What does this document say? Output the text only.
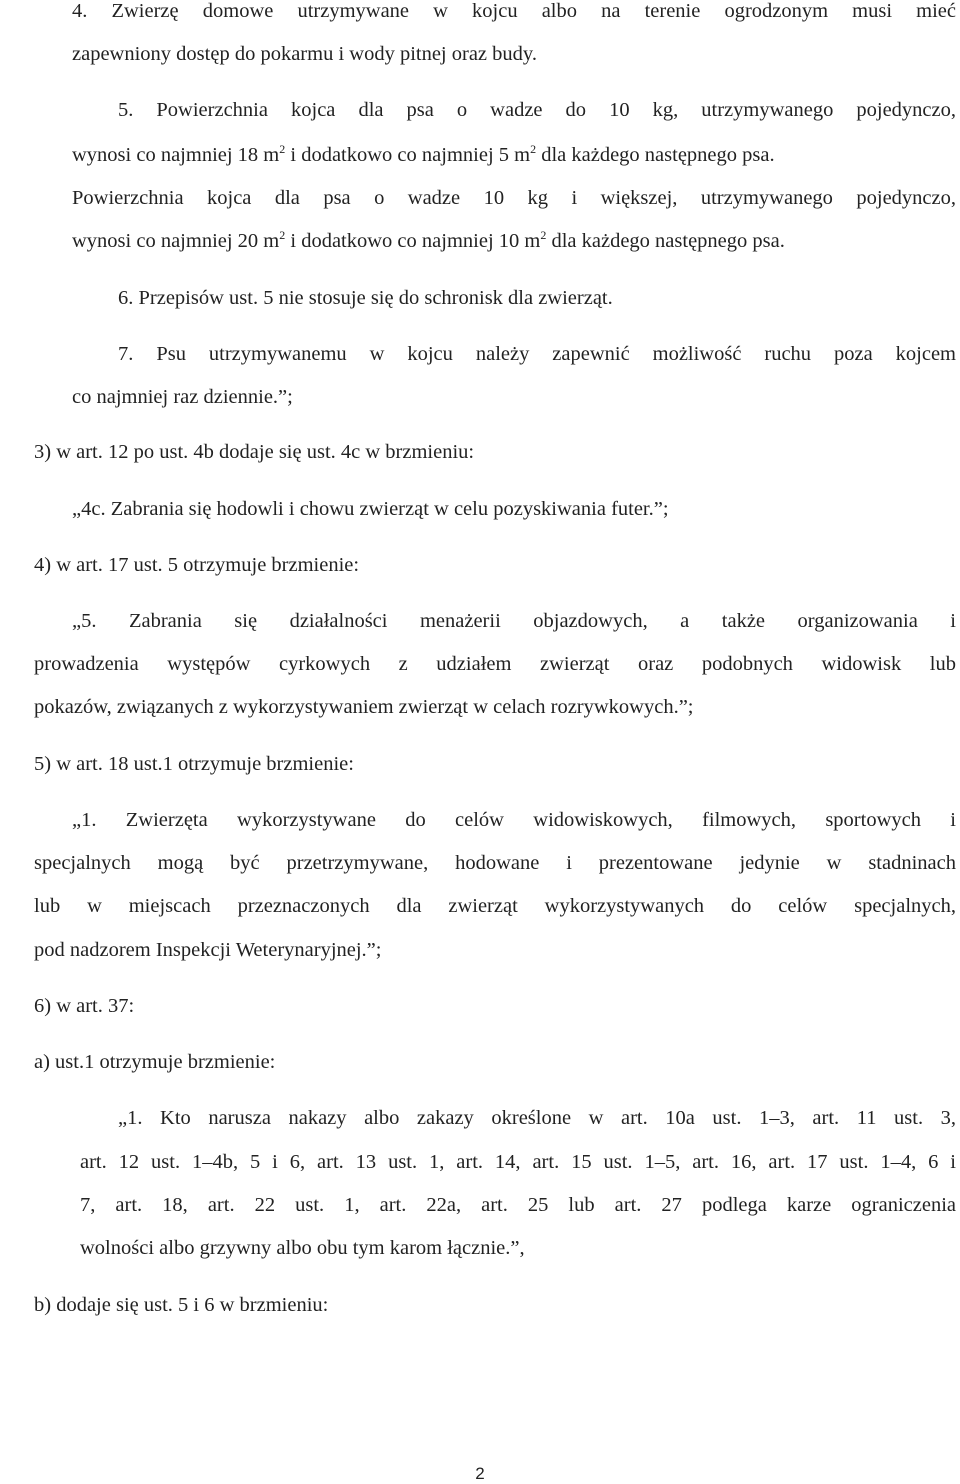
4. Zwierzę domowe utrzymywane w kojcu albo na terenie ogrodzonym musi mieć

zapewniony dostęp do pokarmu i wody pitnej oraz budy.

5. Powierzchnia kojca dla psa o wadze do 10 kg, utrzymywanego pojedynczo,

wynosi co najmniej 18 $m^2$ i dodatkowo co najmniej 5 $m^2$ dla każdego następnego psa.

Powierzchnia kojca dla psa o wadze 10 kg i większej, utrzymywanego pojedynczo,

wynosi co najmniej 20 $m^2$ i dodatkowo co najmniej 10 $m^2$ dla każdego następnego psa.

6. Przepisów ust. 5 nie stosuje się do schronisk dla zwierząt.

7. Psu utrzymywanemu w kojcu należy zapewnić możliwość ruchu poza kojcem

co najmniej raz dziennie.”;

3) w art. 12 po ust. 4b dodaje się ust. 4c w brzmieniu:

„4c. Zabrania się hodowli i chowu zwierząt w celu pozyskiwania futer.”;

4) w art. 17 ust. 5 otrzymuje brzmienie:

„5. Zabrania się działalności menażerii objazdowych, a także organizowania i

prowadzenia występów cyrkowych z udziałem zwierząt oraz podobnych widowisk lub

pokazów, związanych z wykorzystywaniem zwierząt w celach rozrywkowych.”;

5) w art. 18 ust.1 otrzymuje brzmienie:

„1. Zwierzęta wykorzystywane do celów widowiskowych, filmowych, sportowych i

specjalnych mogą być przetrzymywane, hodowane i prezentowane jedynie w stadninach

lub w miejscach przeznaczonych dla zwierząt wykorzystywanych do celów specjalnych,

pod nadzorem Inspekcji Weterynaryjnej.”;

6) w art. 37:

a) ust.1 otrzymuje brzmienie:

„1. Kto narusza nakazy albo zakazy określone w art. 10a ust. 1–3, art. 11 ust. 3,

art. 12 ust. 1–4b, 5 i 6, art. 13 ust. 1, art. 14, art. 15 ust. 1–5, art. 16, art. 17 ust. 1–4, 6 i

7, art. 18, art. 22 ust. 1, art. 22a, art. 25 lub art. 27 podlega karze ograniczenia

wolności albo grzywny albo obu tym karom łącznie.”,

b) dodaje się ust. 5 i 6 w brzmieniu:

2
